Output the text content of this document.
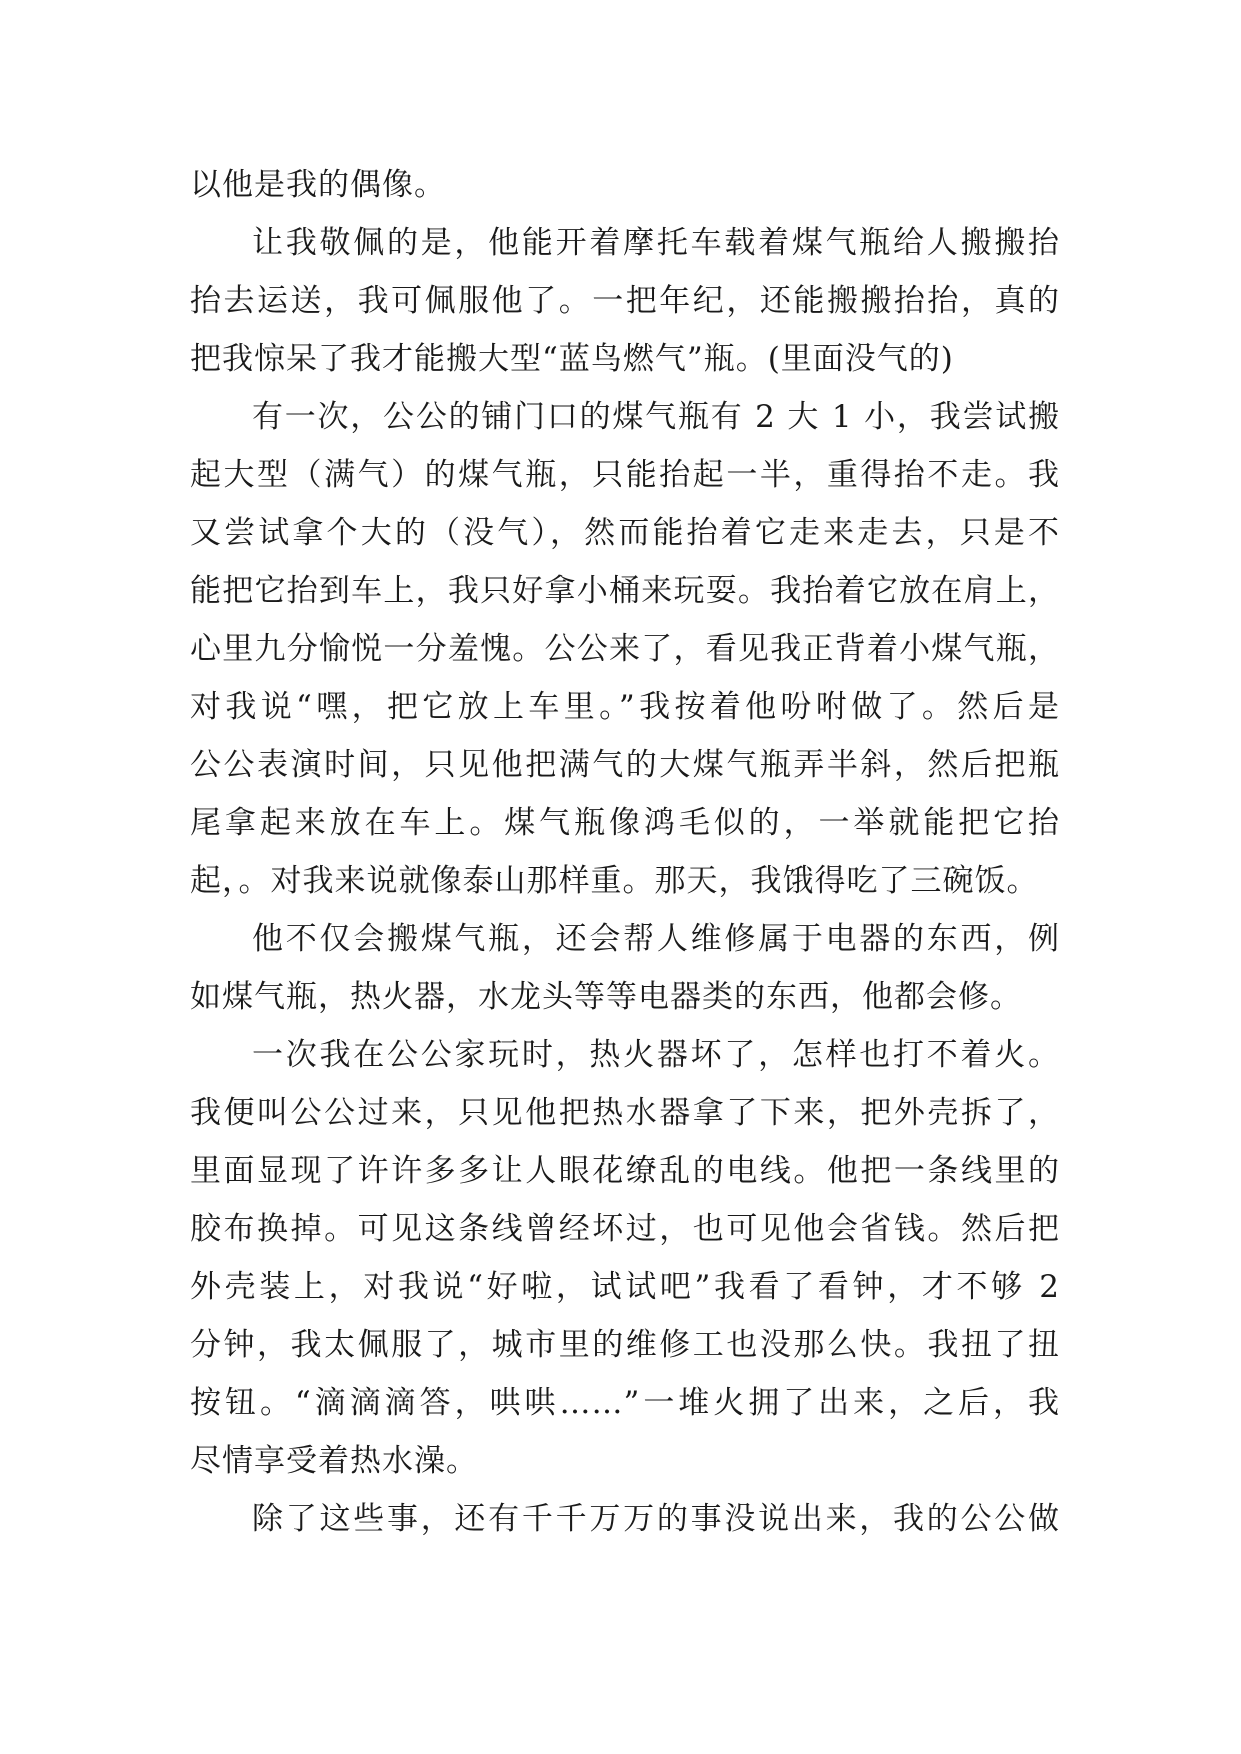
以他是我的偶像。
让我敬佩的是，他能开着摩托车载着煤气瓶给人搬搬抬
抬去运送，我可佩服他了。一把年纪，还能搬搬抬抬，真的
把我惊呆了我才能搬大型“蓝鸟燃气”瓶。(里面没气的)
有一次，公公的铺门口的煤气瓶有 2 大 1 小，我尝试搬
起大型（满气）的煤气瓶，只能抬起一半，重得抬不走。我
又尝试拿个大的（没气），然而能抬着它走来走去，只是不
能把它抬到车上，我只好拿小桶来玩耍。我抬着它放在肩上，
心里九分愉悦一分羞愧。公公来了，看见我正背着小煤气瓶，
对我说“嘿，把它放上车里。”我按着他吩咐做了。然后是
公公表演时间，只见他把满气的大煤气瓶弄半斜，然后把瓶
尾拿起来放在车上。煤气瓶像鸿毛似的，一举就能把它抬
起，。对我来说就像泰山那样重。那天，我饿得吃了三碗饭。
他不仅会搬煤气瓶，还会帮人维修属于电器的东西，例
如煤气瓶，热火器，水龙头等等电器类的东西，他都会修。
一次我在公公家玩时，热火器坏了，怎样也打不着火。
我便叫公公过来，只见他把热水器拿了下来，把外壳拆了，
里面显现了许许多多让人眼花缭乱的电线。他把一条线里的
胶布换掉。可见这条线曾经坏过，也可见他会省钱。然后把
外壳装上，对我说“好啦，试试吧”我看了看钟，才不够 2
分钟，我太佩服了，城市里的维修工也没那么快。我扭了扭
按钮。“滴滴滴答，哄哄……”一堆火拥了出来，之后，我
尽情享受着热水澡。
除了这些事，还有千千万万的事没说出来，我的公公做
